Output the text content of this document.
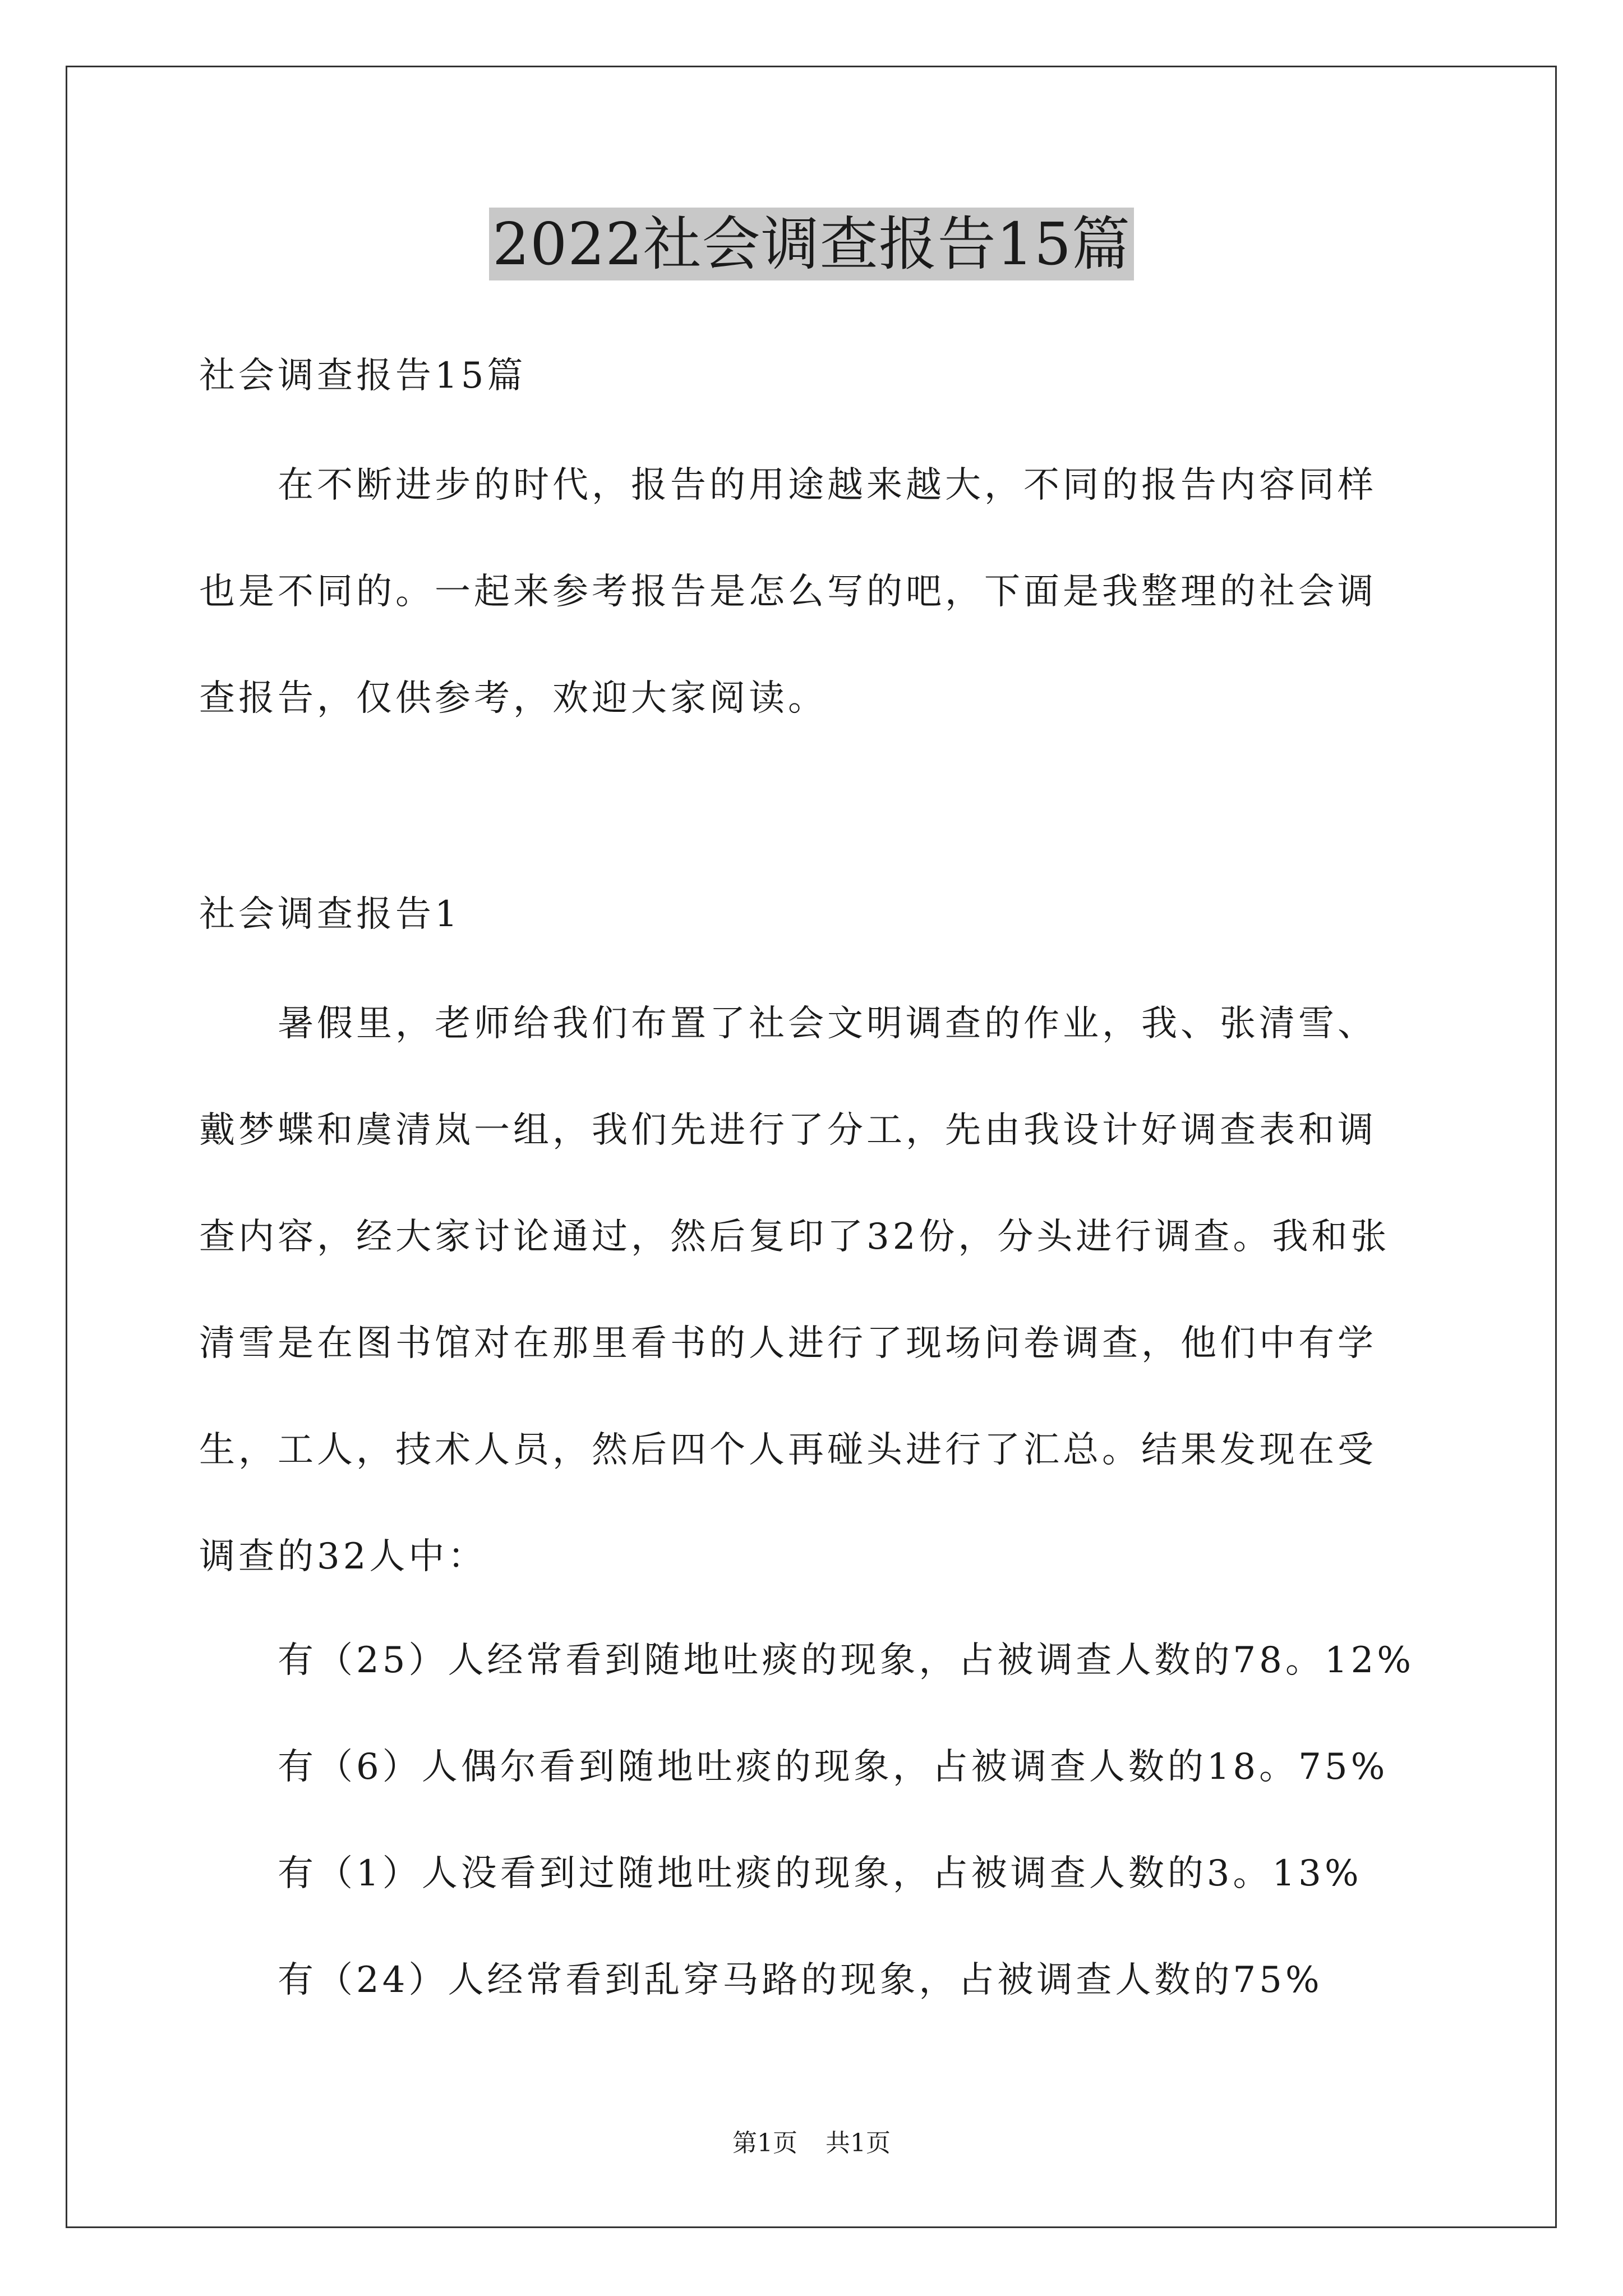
2022社会调查报告15篇
社会调查报告15篇
在不断进步的时代，报告的用途越来越大，不同的报告内容同样
也是不同的。一起来参考报告是怎么写的吧，下面是我整理的社会调
查报告，仅供参考，欢迎大家阅读。
社会调查报告1
暑假里，老师给我们布置了社会文明调查的作业，我、张清雪、
戴梦蝶和虞清岚一组，我们先进行了分工，先由我设计好调查表和调
查内容，经大家讨论通过，然后复印了32份，分头进行调查。我和张
清雪是在图书馆对在那里看书的人进行了现场问卷调查，他们中有学
生，工人，技术人员，然后四个人再碰头进行了汇总。结果发现在受
调查的32人中：
有（25）人经常看到随地吐痰的现象，占被调查人数的78。12%
有（6）人偶尔看到随地吐痰的现象，占被调查人数的18。75%
有（1）人没看到过随地吐痰的现象，占被调查人数的3。13%
有（24）人经常看到乱穿马路的现象，占被调查人数的75%
第1页 共1页
